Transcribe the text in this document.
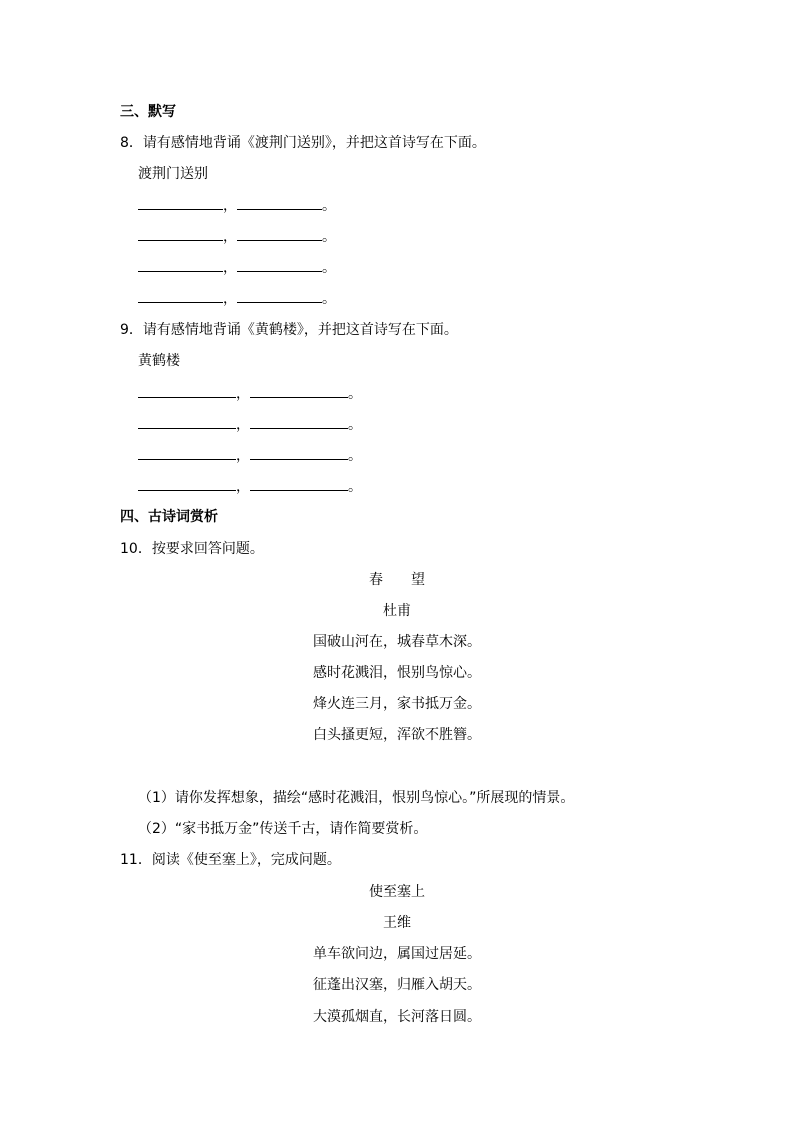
三、默写
8．请有感情地背诵《渡荆门送别》，并把这首诗写在下面。
渡荆门送别
，	。
，	。
，	。
，	。
9．请有感情地背诵《黄鹤楼》，并把这首诗写在下面。
黄鹤楼
，	。
，	。
，	。
，	。
四、古诗词赏析
10．按要求回答问题。
春　　望
杜甫
国破山河在，城春草木深。
感时花溅泪，恨别鸟惊心。
烽火连三月，家书抵万金。
白头搔更短，浑欲不胜簪。
（1）请你发挥想象，描绘“感时花溅泪，恨别鸟惊心。”所展现的情景。
（2）“家书抵万金”传送千古，请作简要赏析。
11．阅读《使至塞上》，完成问题。
使至塞上
王维
单车欲问边，属国过居延。
征蓬出汉塞，归雁入胡天。
大漠孤烟直，长河落日圆。
